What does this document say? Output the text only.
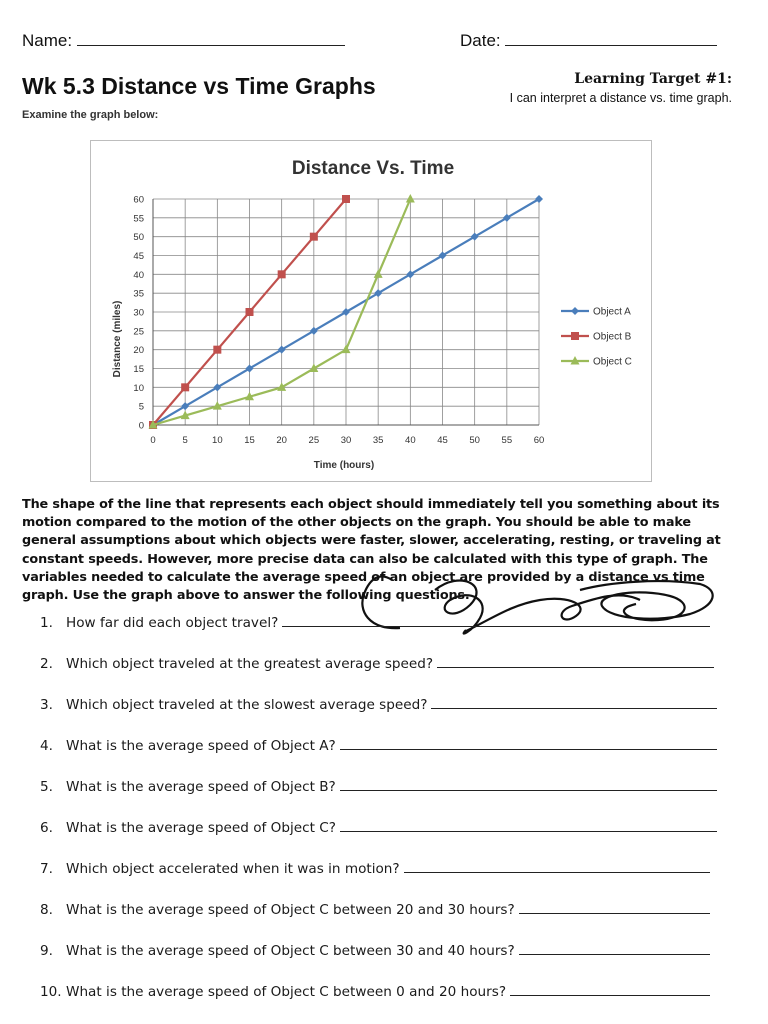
Name:	Date:
Wk 5.3 Distance vs Time Graphs	Learning Target #1:
I can interpret a distance vs. time graph.
Examine the graph below:
Distance Vs. Time
0
5
10
15
20
25
30
35
40
45
50
55
60
0	5	10 15 20 25 30 35 40 45 50 55 60
Object A
Object B
Object C
Time (hours)
Distance (miles)
The shape of the line that represents each object should immediately tell you something about its motion compared to the motion of the other objects on the graph. You should be able to make general assumptions about which objects were faster, slower, accelerating, resting, or traveling at constant speeds. However, more precise data can also be calculated with this type of graph. The variables needed to calculate the average speed of an object are provided by a distance vs time graph. Use the graph above to answer the following questions.
1. How far did each object travel?
2. Which object traveled at the greatest average speed?
3. Which object traveled at the slowest average speed?
4. What is the average speed of Object A?
5. What is the average speed of Object B?
6. What is the average speed of Object C?
7. Which object accelerated when it was in motion?
8. What is the average speed of Object C between 20 and 30 hours?
9. What is the average speed of Object C between 30 and 40 hours?
10. What is the average speed of Object C between 0 and 20 hours?
